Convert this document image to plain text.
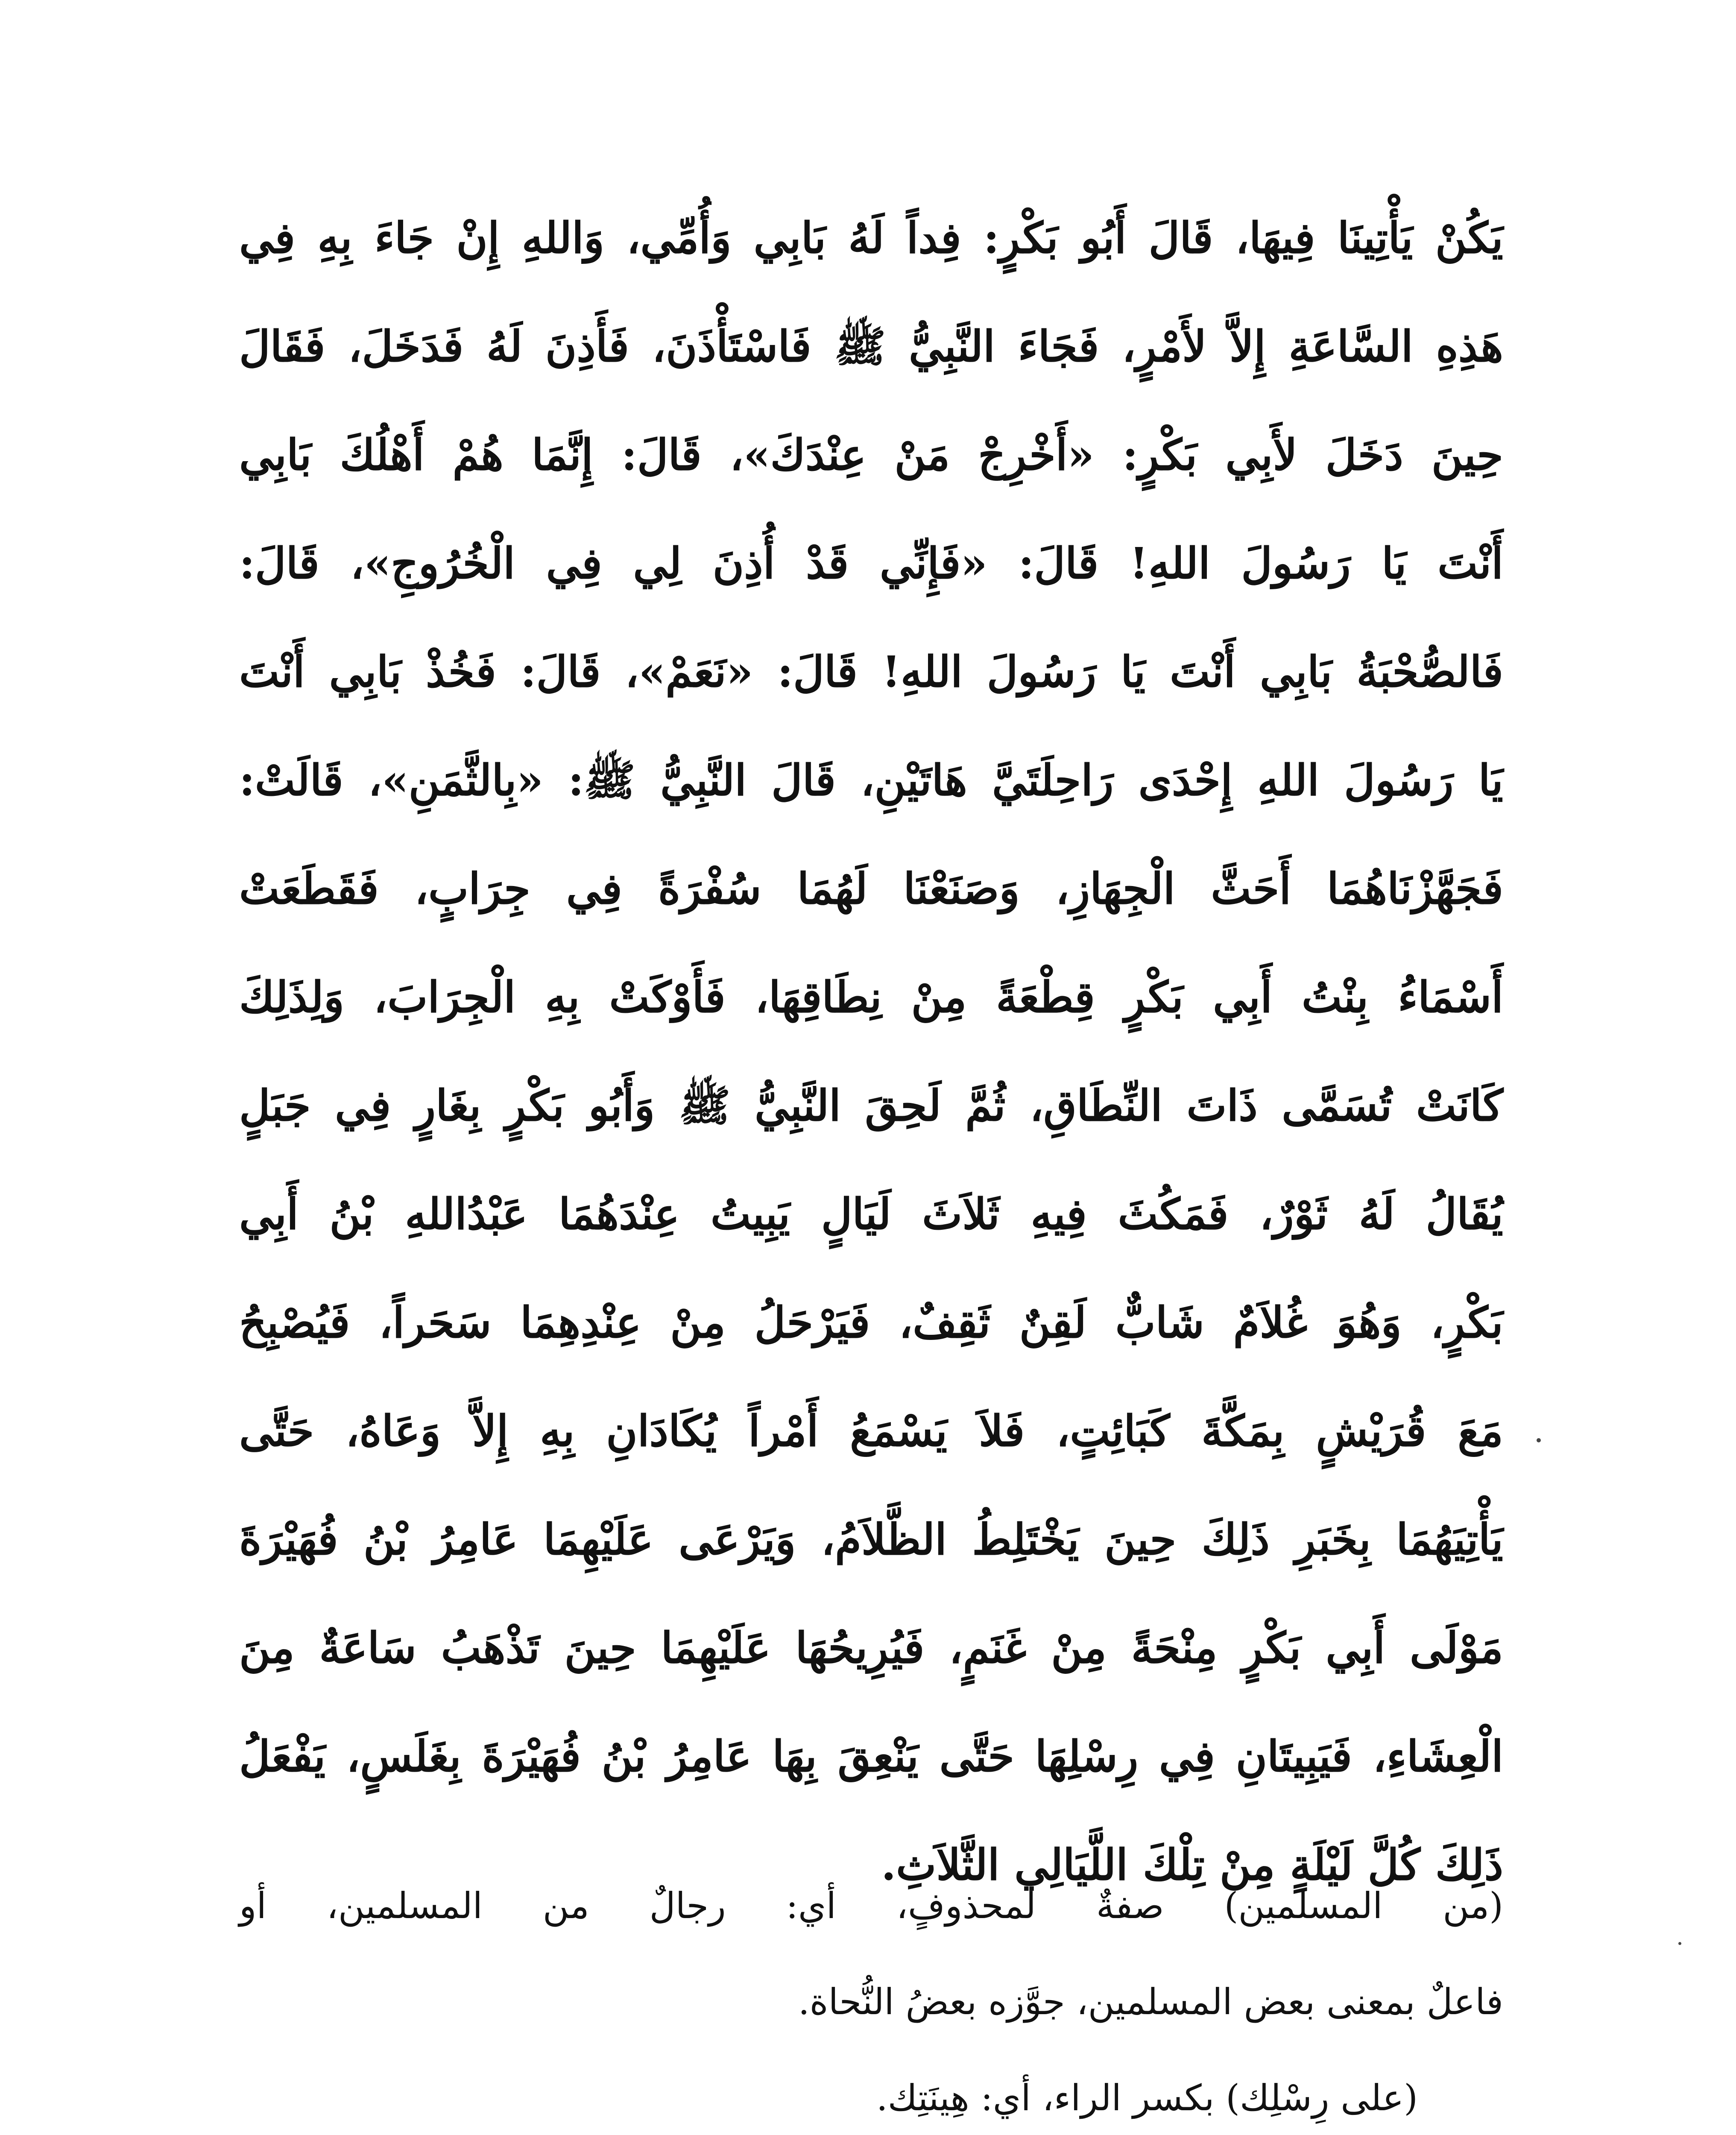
يَكُنْ يَأْتِينَا فِيهَا، قَالَ أَبُو بَكْرٍ: فِداً لَهُ بَابِي وَأُمِّي، وَاللهِ إِنْ جَاءَ بِهِ فِي
هَذِهِ السَّاعَةِ إِلاَّ لأَمْرٍ، فَجَاءَ النَّبِيُّ ﷺ فَاسْتَأْذَنَ، فَأَذِنَ لَهُ فَدَخَلَ، فَقَالَ
حِينَ دَخَلَ لأَبِي بَكْرٍ: «أَخْرِجْ مَنْ عِنْدَكَ»، قَالَ: إِنَّمَا هُمْ أَهْلُكَ بَابِي
أَنْتَ يَا رَسُولَ اللهِ! قَالَ: «فَإِنِّي قَدْ أُذِنَ لِي فِي الْخُرُوجِ»، قَالَ:
فَالصُّحْبَةُ بَابِي أَنْتَ يَا رَسُولَ اللهِ! قَالَ: «نَعَمْ»، قَالَ: فَخُذْ بَابِي أَنْتَ
يَا رَسُولَ اللهِ إِحْدَى رَاحِلَتَيَّ هَاتَيْنِ، قَالَ النَّبِيُّ ﷺ: «بِالثَّمَنِ»، قَالَتْ:
فَجَهَّزْنَاهُمَا أَحَثَّ الْجِهَازِ، وَصَنَعْنَا لَهُمَا سُفْرَةً فِي جِرَابٍ، فَقَطَعَتْ
أَسْمَاءُ بِنْتُ أَبِي بَكْرٍ قِطْعَةً مِنْ نِطَاقِهَا، فَأَوْكَتْ بِهِ الْجِرَابَ، وَلِذَلِكَ
كَانَتْ تُسَمَّى ذَاتَ النِّطَاقِ، ثُمَّ لَحِقَ النَّبِيُّ ﷺ وَأَبُو بَكْرٍ بِغَارٍ فِي جَبَلٍ
يُقَالُ لَهُ ثَوْرٌ، فَمَكُثَ فِيهِ ثَلاَثَ لَيَالٍ يَبِيتُ عِنْدَهُمَا عَبْدُاللهِ بْنُ أَبِي
بَكْرٍ، وَهُوَ غُلاَمٌ شَابٌّ لَقِنٌ ثَقِفٌ، فَيَرْحَلُ مِنْ عِنْدِهِمَا سَحَراً، فَيُصْبِحُ
مَعَ قُرَيْشٍ بِمَكَّةَ كَبَائِتٍ، فَلاَ يَسْمَعُ أَمْراً يُكَادَانِ بِهِ إِلاَّ وَعَاهُ، حَتَّى
يَأْتِيَهُمَا بِخَبَرِ ذَلِكَ حِينَ يَخْتَلِطُ الظَّلاَمُ، وَيَرْعَى عَلَيْهِمَا عَامِرُ بْنُ فُهَيْرَةَ
مَوْلَى أَبِي بَكْرٍ مِنْحَةً مِنْ غَنَمٍ، فَيُرِيحُهَا عَلَيْهِمَا حِينَ تَذْهَبُ سَاعَةٌ مِنَ
الْعِشَاءِ، فَيَبِيتَانِ فِي رِسْلِهَا حَتَّى يَنْعِقَ بِهَا عَامِرُ بْنُ فُهَيْرَةَ بِغَلَسٍ، يَفْعَلُ
ذَلِكَ كُلَّ لَيْلَةٍ مِنْ تِلْكَ اللَّيَالِي الثَّلاَثِ.
(من المسلمين) صفةٌ لمحذوفٍ، أي: رجالٌ من المسلمين، أو
فاعلٌ بمعنى بعض المسلمين، جوَّزه بعضُ النُّحاة.
(على رِسْلِك) بكسر الراء، أي: هِينَتِك.
